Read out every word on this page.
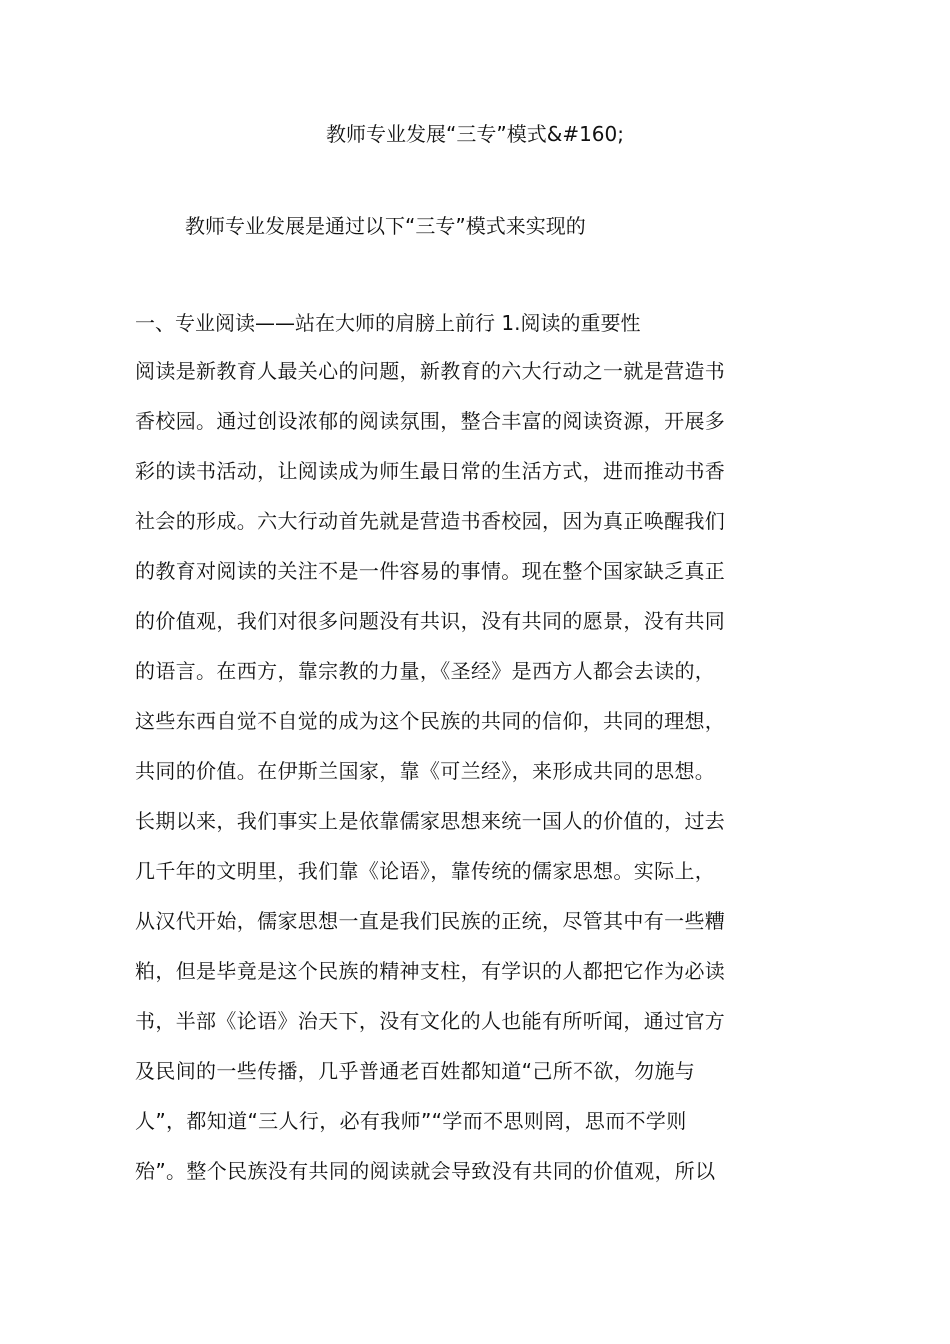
教师专业发展“三专”模式&#160;
教师专业发展是通过以下“三专”模式来实现的
一、专业阅读——站在大师的肩膀上前行 1.阅读的重要性
阅读是新教育人最关心的问题，新教育的六大行动之一就是营造书
香校园。通过创设浓郁的阅读氛围，整合丰富的阅读资源，开展多
彩的读书活动，让阅读成为师生最日常的生活方式，进而推动书香
社会的形成。六大行动首先就是营造书香校园，因为真正唤醒我们
的教育对阅读的关注不是一件容易的事情。现在整个国家缺乏真正
的价值观，我们对很多问题没有共识，没有共同的愿景，没有共同
的语言。在西方，靠宗教的力量，《圣经》是西方人都会去读的，
这些东西自觉不自觉的成为这个民族的共同的信仰，共同的理想，
共同的价值。在伊斯兰国家，靠《可兰经》，来形成共同的思想。
长期以来，我们事实上是依靠儒家思想来统一国人的价值的，过去
几千年的文明里，我们靠《论语》，靠传统的儒家思想。实际上，
从汉代开始，儒家思想一直是我们民族的正统，尽管其中有一些糟
粕，但是毕竟是这个民族的精神支柱，有学识的人都把它作为必读
书，半部《论语》治天下，没有文化的人也能有所听闻，通过官方
及民间的一些传播，几乎普通老百姓都知道“己所不欲，勿施与
人”，都知道“三人行，必有我师”“学而不思则罔，思而不学则
殆”。整个民族没有共同的阅读就会导致没有共同的价值观，所以
